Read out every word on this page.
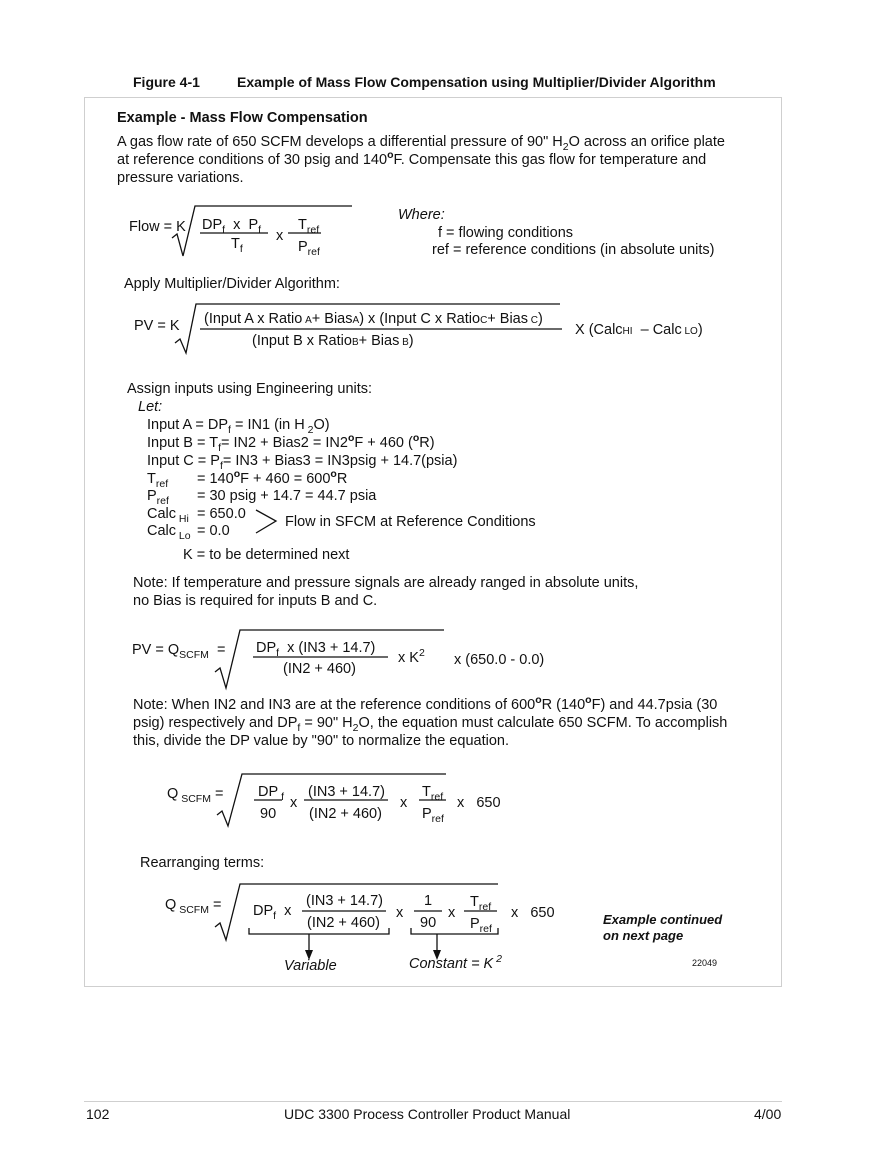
Figure 4-1	Example of Mass Flow Compensation using Multiplier/Divider Algorithm
Example - Mass Flow Compensation
A gas flow rate of 650 SCFM develops a differential pressure of 90" $H_2O$ across an orifice plate
at reference conditions of 30 psig and 140$^o$F. Compensate this gas flow for temperature and
pressure variations.
Flow = K $DP_f$  x  $P_f$
$T_f$
x
$T_{ref}$
$P_{ref}$
Where:
f = flowing conditions
ref = reference conditions (in absolute units)
Apply Multiplier/Divider Algorithm:
PV = K (Input A x Ratio A+ BiasA) x (Input C x RatioC+ Bias C)
(Input B x RatioB+ Bias B)
X (CalcHI – Calc LO)
Assign inputs using Engineering units:
Let:
Input $A = DP_f = IN1$ (in H $_2$O)
Input $B = T_f= IN2$ + Bias2 = $IN2^oF + 460$ ($^o$R)
Input $C = P_f= IN3$ + Bias3 = IN3psig + 14.7(psia)
$T_{ref} = 140^oF + 460 = 600^oR$
$P_{ref} = 30$ psig + 14.7 = 44.7 psia
Calc $_{Hi}$ = 650.0
Calc $_{Lo}$ = 0.0
Flow in SFCM at Reference Conditions
K = to be determined next
Note: If temperature and pressure signals are already ranged in absolute units,
no Bias is required for inputs B and C.
PV = $Q_{SCFM} = DP_f$ x (IN3 + 14.7)
(IN2 + 460)
x $K^2$ x (650.0 - 0.0)
Note: When IN2 and IN3 are at the reference conditions of 600$^o$R (140$^o$F) and 44.7psia (30
psig) respectively and $DP_f = 90$" $H_2O$, the equation must calculate 650 SCFM. To accomplish
this, divide the DP value by "90" to normalize the equation.
Q $_{SCFM}$ = DP $_f$
90
x
(IN3 + 14.7)
(IN2 + 460)
x
$T_{ref}$
$P_{ref}$
x   650
Rearranging terms:
Q $_{SCFM} = DP_f$  x
(IN3 + 14.7)
(IN2 + 460)
x
1
90
x
$T_{ref}$
$P_{ref}$
x   650
Variable	Constant = K $^2$
Example continued
on next page
22049
102	UDC 3300 Process Controller Product Manual	4/00
